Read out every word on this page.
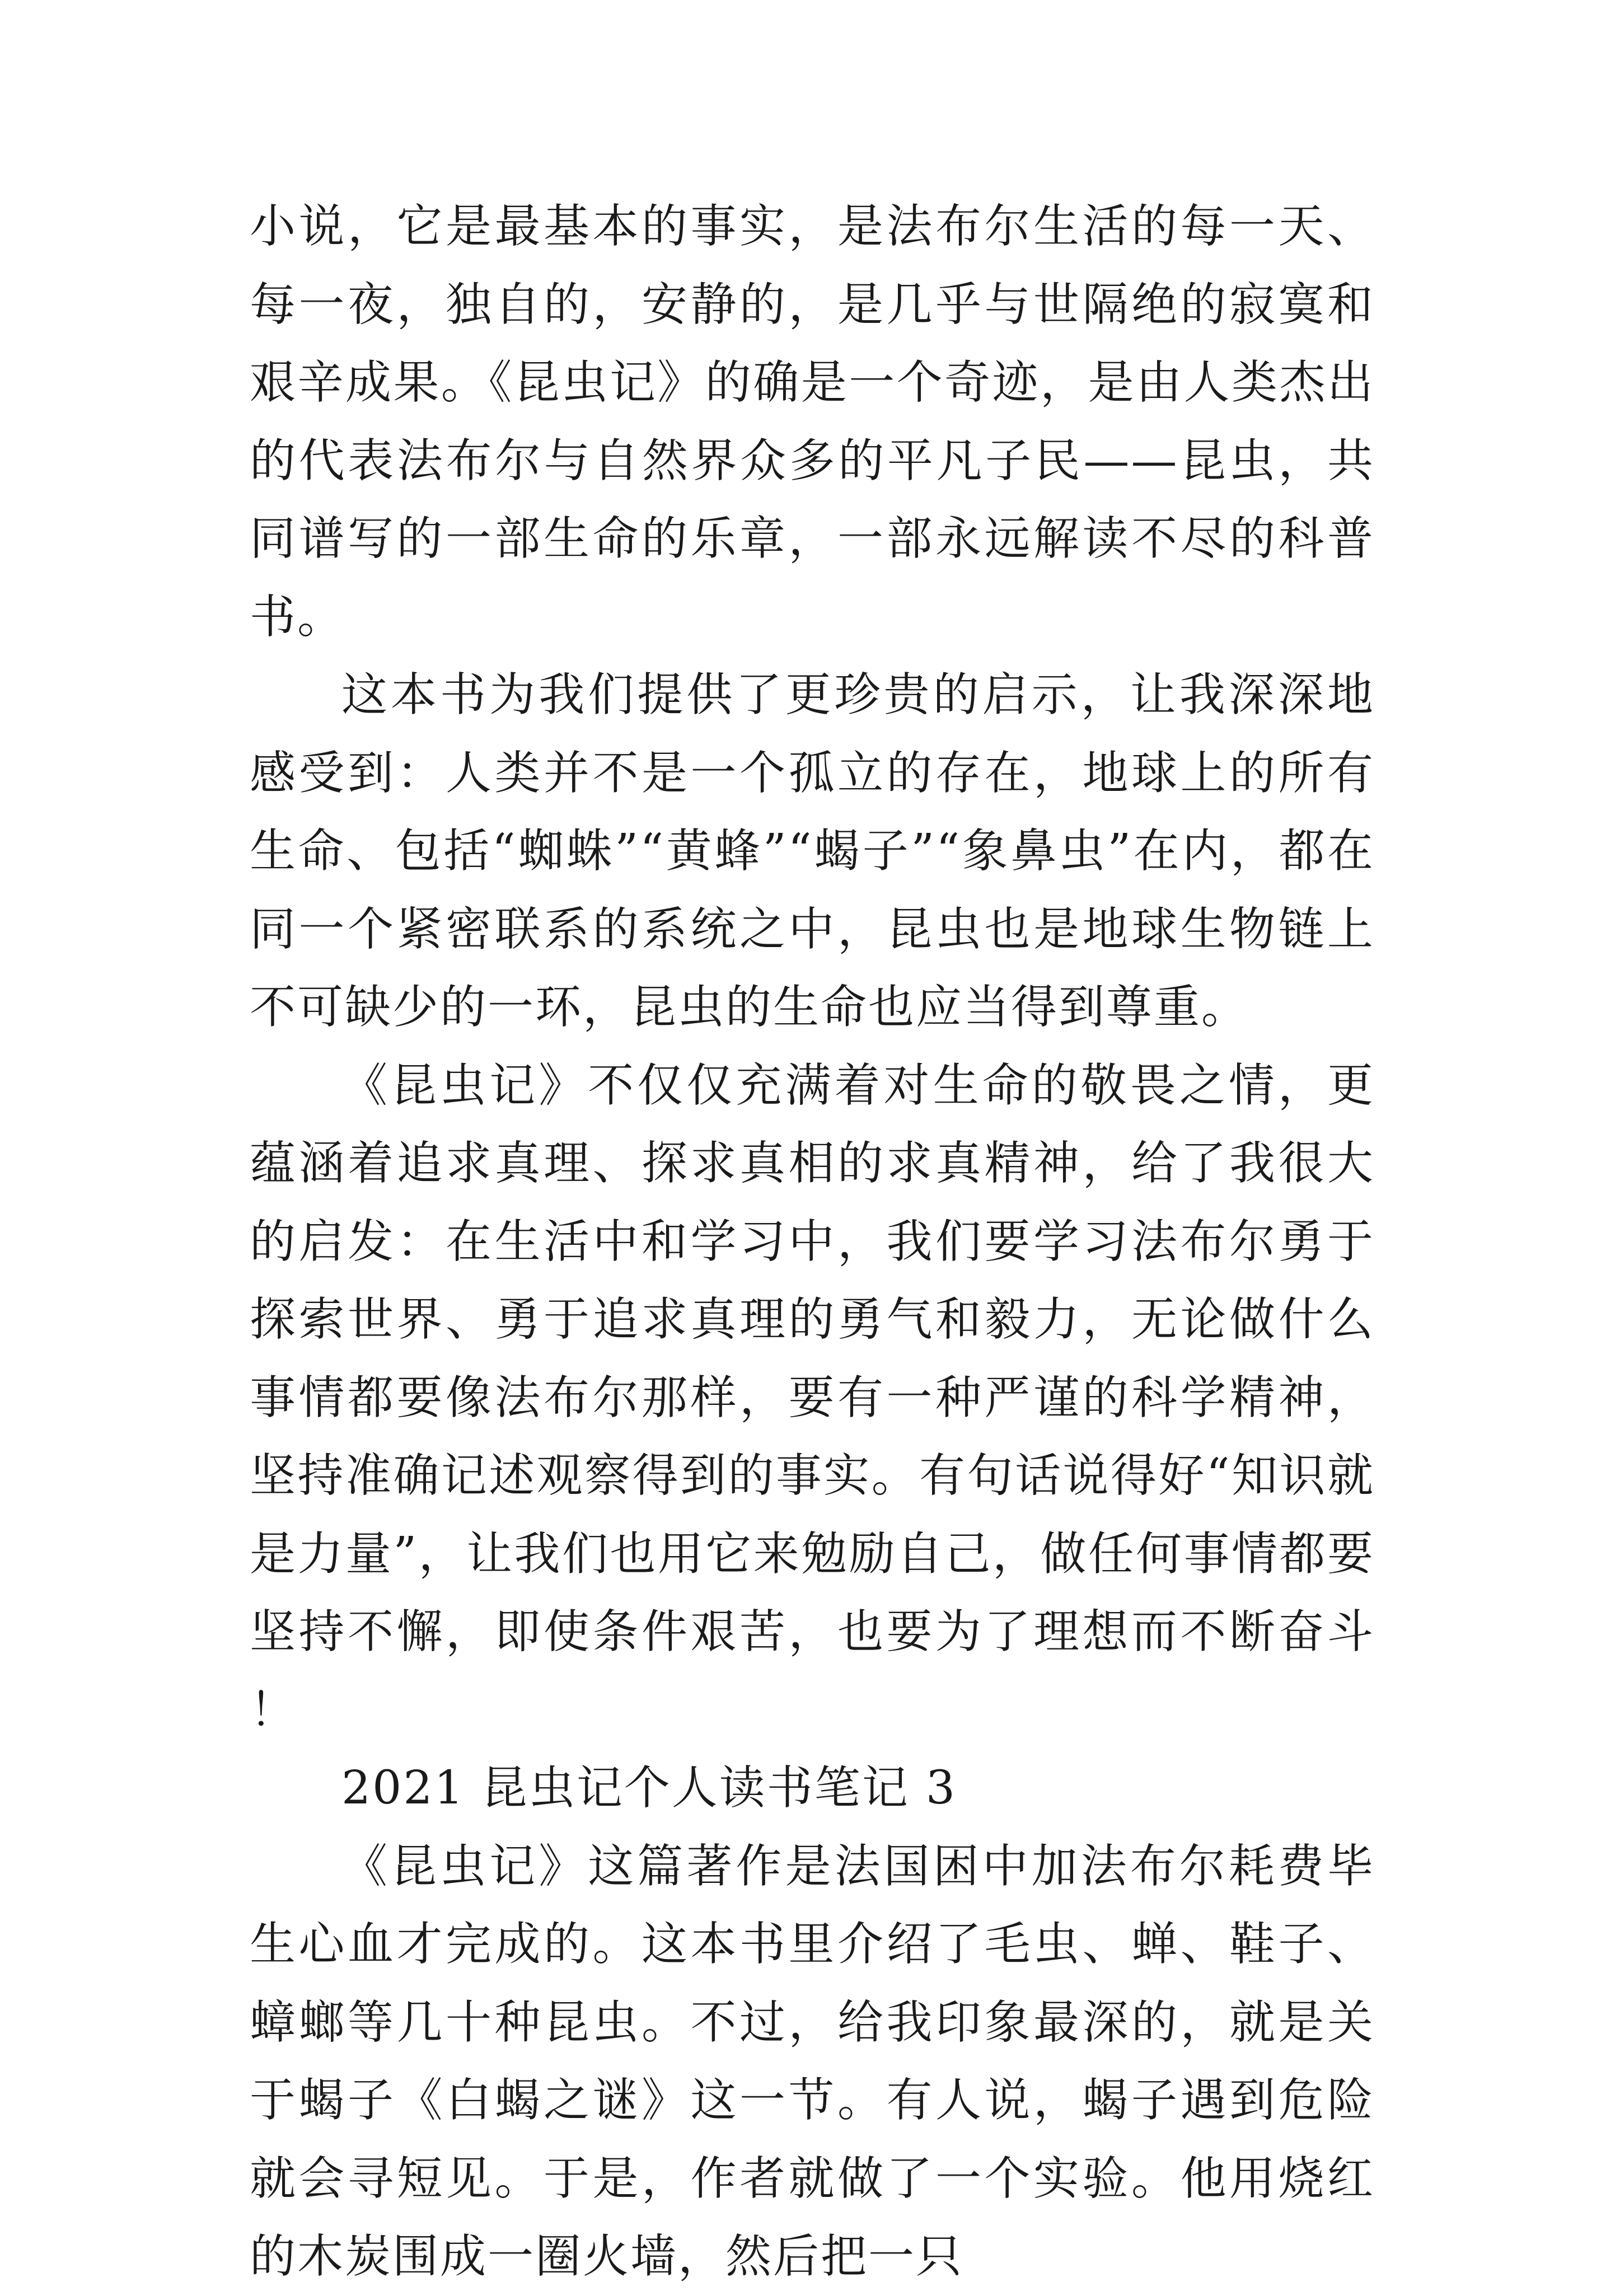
小说，它是最基本的事实，是法布尔生活的每一天、每一夜，独自的，安静的，是几乎与世隔绝的寂寞和艰辛成果。《昆虫记》的确是一个奇迹，是由人类杰出的代表法布尔与自然界众多的平凡子民——昆虫，共同谱写的一部生命的乐章，一部永远解读不尽的科普书。

这本书为我们提供了更珍贵的启示，让我深深地感受到：人类并不是一个孤立的存在，地球上的所有生命、包括“蜘蛛”“黄蜂”“蝎子”“象鼻虫”在内，都在同一个紧密联系的系统之中，昆虫也是地球生物链上不可缺少的一环，昆虫的生命也应当得到尊重。

《昆虫记》不仅仅充满着对生命的敬畏之情，更蕴涵着追求真理、探求真相的求真精神，给了我很大的启发：在生活中和学习中，我们要学习法布尔勇于探索世界、勇于追求真理的勇气和毅力，无论做什么事情都要像法布尔那样，要有一种严谨的科学精神，坚持准确记述观察得到的事实。有句话说得好“知识就是力量”，让我们也用它来勉励自己，做任何事情都要坚持不懈，即使条件艰苦，也要为了理想而不断奋斗！

2021 昆虫记个人读书笔记 3

《昆虫记》这篇著作是法国困中加法布尔耗费毕生心血才完成的。这本书里介绍了毛虫、蝉、鞋子、蟑螂等几十种昆虫。不过，给我印象最深的，就是关于蝎子《白蝎之谜》这一节。有人说，蝎子遇到危险就会寻短见。于是，作者就做了一个实验。他用烧红的木炭围成一圈火墙，然后把一只
